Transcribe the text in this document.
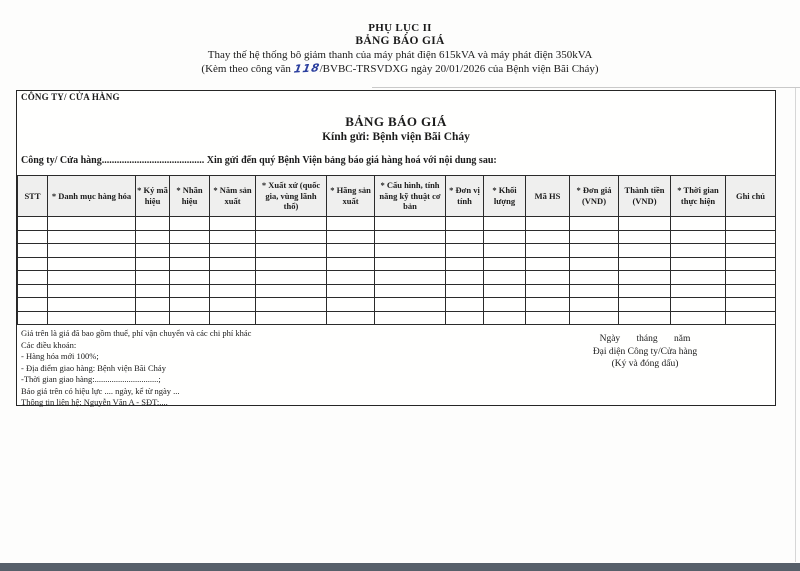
PHỤ LỤC II
BẢNG BÁO GIÁ
Thay thế hệ thống bô giảm thanh của máy phát điện 615kVA và máy phát điện 350kVA
(Kèm theo công văn 118/BVBC-TRSVDXG ngày 20/01/2026 của Bệnh viện Bãi Cháy)
CÔNG TY/ CỬA HÀNG
BẢNG BÁO GIÁ
Kính gửi: Bệnh viện Bãi Cháy
Công ty/ Cửa hàng......................................... Xin gửi đến quý Bệnh Viện bảng báo giá hàng hoá với nội dung sau:
STT	* Danh mục hàng hóa	* Ký mã hiệu	* Nhãn hiệu	* Năm sản xuất	* Xuất xứ (quốc gia, vùng lãnh thổ)	* Hãng sản xuất	* Cấu hình, tính năng kỹ thuật cơ bản	* Đơn vị tính	* Khối lượng	Mã HS	* Đơn giá (VND)	Thành tiền (VND)	* Thời gian thực hiện	Ghi chú

Giá trên là giá đã bao gồm thuế, phí vận chuyển và các chi phí khác
Các điều khoản:
- Hàng hóa mới 100%;
- Địa điểm giao hàng: Bệnh viện Bãi Cháy
-Thời gian giao hàng:..............................;
Báo giá trên có hiệu lực .... ngày, kể từ ngày ...
Thông tin liên hệ: Nguyễn Văn A - SĐT:....
Ngày tháng năm
Đại diện Công ty/Cửa hàng
(Ký và đóng dấu)
